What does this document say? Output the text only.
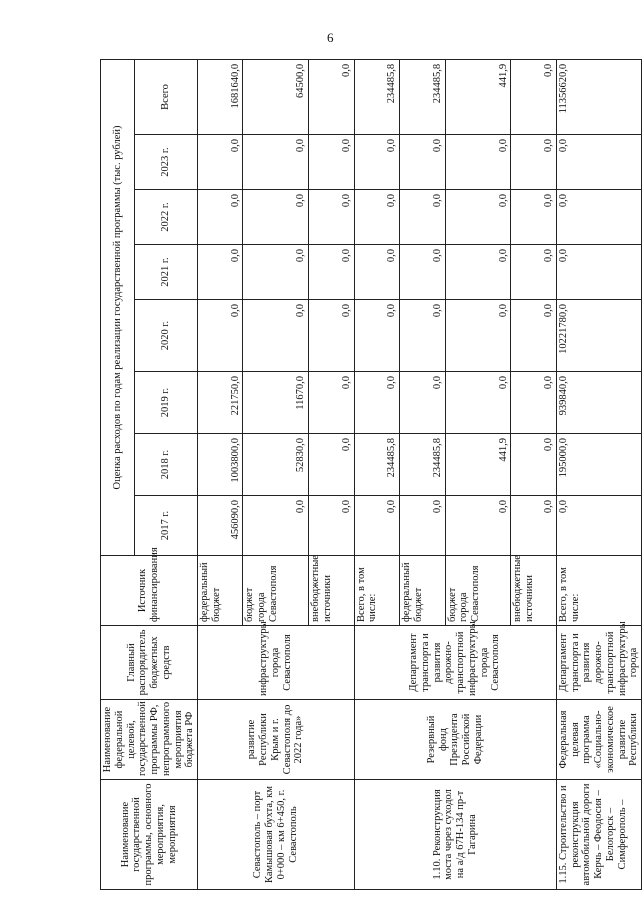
6
Наименование государственной программы, основного мероприятия, мероприятия	Наименование федеральной целевой, государственной программы РФ, непрограммного мероприятия бюджета РФ	Главный распорядитель бюджетных средств	Источник финансирования	Оценка расходов по годам реализации государственной программы (тыс. рублей)							
				2017 г.	2018 г.	2019 г.	2020 г.	2021 г.	2022 г.	2023 г.	Всего
Севастополь – порт Камышовая бухта, км 0+000 – км 6+450, г. Севастополь	развитие Республики Крым и г. Севастополя до 2022 года»	инфраструктуры города Севастополя	федеральный бюджет	456090,0	1003800,0	221750,0	0,0	0,0	0,0	0,0	1681640,0
			бюджет города Севастополя	0,0	52830,0	11670,0	0,0	0,0	0,0	0,0	64500,0
			внебюджетные источники	0,0	0,0	0,0	0,0	0,0	0,0	0,0	0,0
1.10. Реконструкция моста через суходол на а/д 67Н-134 пр-т Гагарина	Резервный фонд Президента Российской Федерации	Департамент транспорта и развития дорожно-транспортной инфраструктуры города Севастополя	Всего, в том числе:	0,0	234485,8	0,0	0,0	0,0	0,0	0,0	234485,8
			федеральный бюджет	0,0	234485,8	0,0	0,0	0,0	0,0	0,0	234485,8
			бюджет города Севастополя	0,0	441,9	0,0	0,0	0,0	0,0	0,0	441,9
			внебюджетные источники	0,0	0,0	0,0	0,0	0,0	0,0	0,0	0,0
1.15. Строительство и реконструкция автомобильной дороги Керчь – Феодосия – Белогорск – Симферополь –	Федеральная целевая программа «Социально-экономическое развитие Республики	Департамент транспорта и развития дорожно-транспортной инфраструктуры города	Всего, в том числе:	0,0	195000,0	939840,0	10221780,0	0,0	0,0	0,0	11356620,0
